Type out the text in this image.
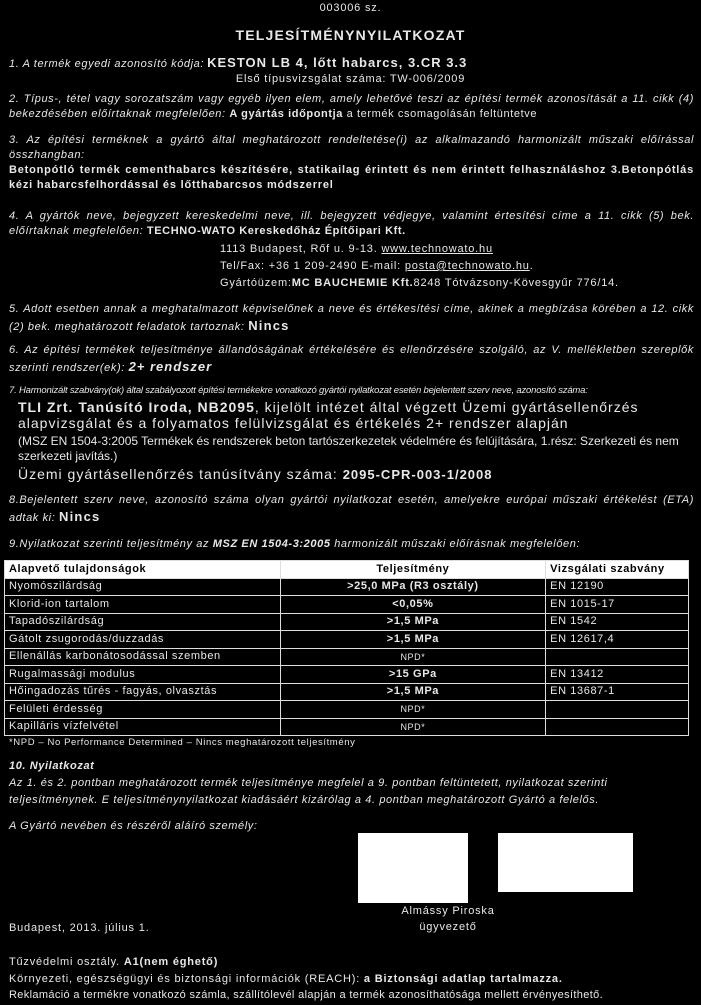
003006 sz.
TELJESÍTMÉNYNYILATKOZAT
1. A termék egyedi azonosító kódja: KESTON LB 4, lőtt habarcs, 3.CR 3.3
Első típusvizsgálat száma: TW-006/2009
2. Típus-, tétel vagy sorozatszám vagy egyéb ilyen elem, amely lehetővé teszi az építési termék azonosítását a 11. cikk (4) bekezdésében előírtaknak megfelelően: A gyártás időpontja a termék csomagolásán feltüntetve
3. Az építési terméknek a gyártó által meghatározott rendeltetése(i) az alkalmazandó harmonizált műszaki előírással összhangban:
Betonpótló termék cementhabarcs készítésére, statikailag érintett és nem érintett felhasználáshoz 3.Betonpótlás kézi habarcsfelhordással és lőtthabarcsos módszerrel
4. A gyártók neve, bejegyzett kereskedelmi neve, ill. bejegyzett védjegye, valamint értesítési címe a 11. cikk (5) bek. előírtaknak megfelelően: TECHNO-WATO Kereskedőház Építőipari Kft.
1113 Budapest, Rőf u. 9-13. www.technowato.hu
Tel/Fax: +36 1 209-2490 E-mail: posta@technowato.hu.
Gyártóüzem:MC BAUCHEMIE Kft.8248 Tótvázsony-Kövesgyűr 776/14.
5. Adott esetben annak a meghatalmazott képviselőnek a neve és értékesítési címe, akinek a megbízása körében a 12. cikk (2) bek. meghatározott feladatok tartoznak: Nincs
6. Az építési termékek teljesítménye állandóságának értékelésére és ellenőrzésére szolgáló, az V. mellékletben szereplők szerinti rendszer(ek): 2+ rendszer
7. Harmonizált szabvány(ok) által szabályozott építési termékekre vonatkozó gyártói nyilatkozat esetén bejelentett szerv neve, azonosító száma:
TLI Zrt. Tanúsító Iroda, NB2095, kijelölt intézet által végzett Üzemi gyártásellenőrzés alapvizsgálat és a folyamatos felülvizsgálat és értékelés 2+ rendszer alapján
(MSZ EN 1504-3:2005 Termékek és rendszerek beton tartószerkezetek védelmére és felújítására, 1.rész: Szerkezeti és nem szerkezeti javítás.)
Üzemi gyártásellenőrzés tanúsítvány száma: 2095-CPR-003-1/2008
8.Bejelentett szerv neve, azonosító száma olyan gyártói nyilatkozat esetén, amelyekre európai műszaki értékelést (ETA) adtak ki: Nincs
9.Nyilatkozat szerinti teljesítmény az MSZ EN 1504-3:2005 harmonizált műszaki előírásnak megfelelően:
Alapvető tulajdonságok	Teljesítmény	Vizsgálati szabvány
Nyomószilárdság	>25,0 MPa (R3 osztály)	EN 12190
Klorid-ion tartalom	<0,05%	EN 1015-17
Tapadószilárdság	>1,5 MPa	EN 1542
Gátolt zsugorodás/duzzadás	>1,5 MPa	EN 12617,4
Ellenállás karbonátosodással szemben	NPD*	
Rugalmassági modulus	>15 GPa	EN 13412
Hőingadozás tűrés - fagyás, olvasztás	>1,5 MPa	EN 13687-1
Felületi érdesség	NPD*	
Kapilláris vízfelvétel	NPD*	
*NPD – No Performance Determined – Nincs meghatározott teljesítmény
10. Nyilatkozat
Az 1. és 2. pontban meghatározott termék teljesítménye megfelel a 9. pontban feltüntetett, nyilatkozat szerinti teljesítménynek. E teljesítménynyilatkozat kiadásáért kizárólag a 4. pontban meghatározott Gyártó a felelős.
A Gyártó nevében és részéről aláíró személy:
Almássy Piroska
ügyvezető
Budapest, 2013. július 1.
Tűzvédelmi osztály. A1(nem éghető)
Környezeti, egészségügyi és biztonsági információk (REACH): a Biztonsági adatlap tartalmazza.
Reklamáció a termékre vonatkozó számla, szállítólevél alapján a termék azonosíthatósága mellett érvényesíthető.
